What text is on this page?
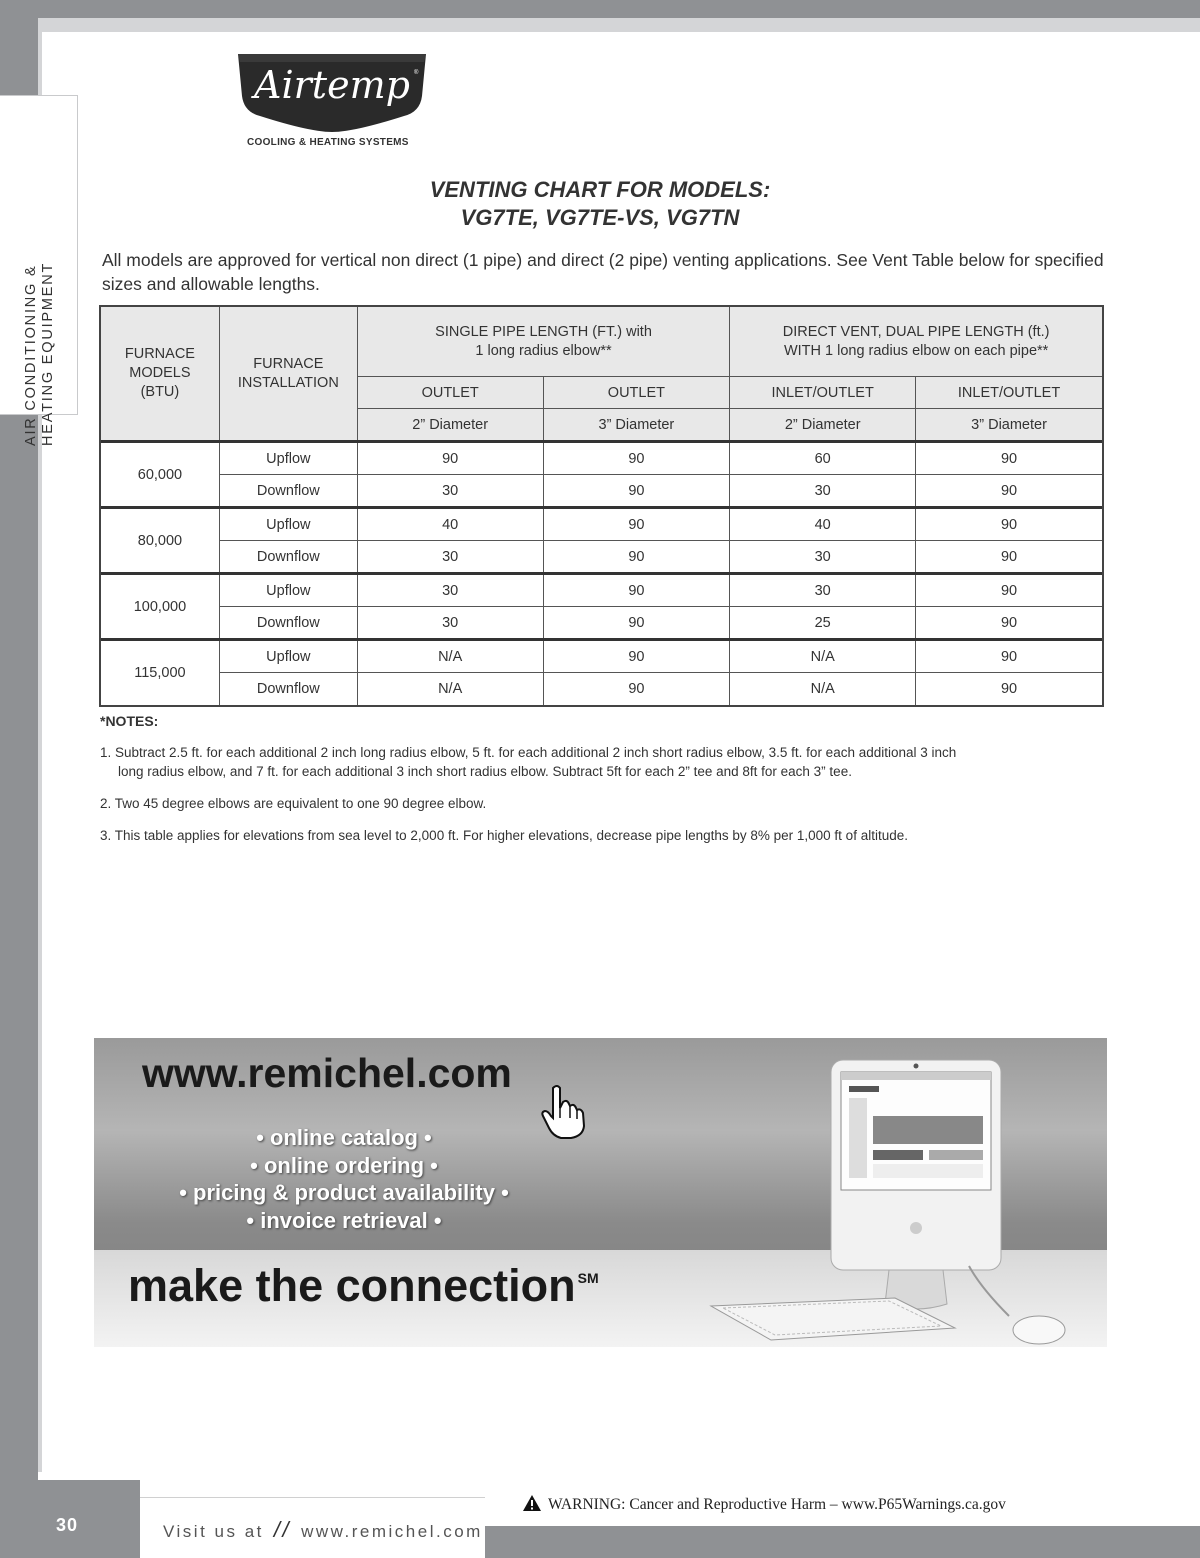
AIR CONDITIONING & HEATING EQUIPMENT
Airtemp ®
COOLING & HEATING SYSTEMS
VENTING CHART FOR MODELS:
VG7TE, VG7TE-VS, VG7TN
All models are approved for vertical non direct (1 pipe) and direct (2 pipe) venting applications. See Vent Table below for specified sizes and allowable lengths.
FURNACE MODELS (BTU)	FURNACE INSTALLATION	SINGLE PIPE LENGTH (FT.) with 1 long radius elbow**		DIRECT VENT, DUAL PIPE LENGTH (ft.) WITH 1 long radius elbow on each pipe**	

		OUTLET	OUTLET	INLET/OUTLET	INLET/OUTLET
		2” Diameter	3” Diameter	2” Diameter	3” Diameter
60,000	Upflow	90	90	60	90
	Downflow	30	90	30	90
80,000	Upflow	40	90	40	90
	Downflow	30	90	30	90
100,000	Upflow	30	90	30	90
	Downflow	30	90	25	90
115,000	Upflow	N/A	90	N/A	90
	Downflow	N/A	90	N/A	90
*NOTES:
1. Subtract 2.5 ft. for each additional 2 inch long radius elbow, 5 ft. for each additional 2 inch short radius elbow, 3.5 ft. for each additional 3 inch
long radius elbow, and 7 ft. for each additional 3 inch short radius elbow. Subtract 5ft for each 2” tee and 8ft for each 3” tee.
2. Two 45 degree elbows are equivalent to one 90 degree elbow.
3. This table applies for elevations from sea level to 2,000 ft. For higher elevations, decrease pipe lengths by 8% per 1,000 ft of altitude.
www.remichel.com
• online catalog •
• online ordering •
• pricing & product availability •
• invoice retrieval •
make the connection ℠
30	Visit us at // www.remichel.com
WARNING: Cancer and Reproductive Harm – www.P65Warnings.ca.gov
